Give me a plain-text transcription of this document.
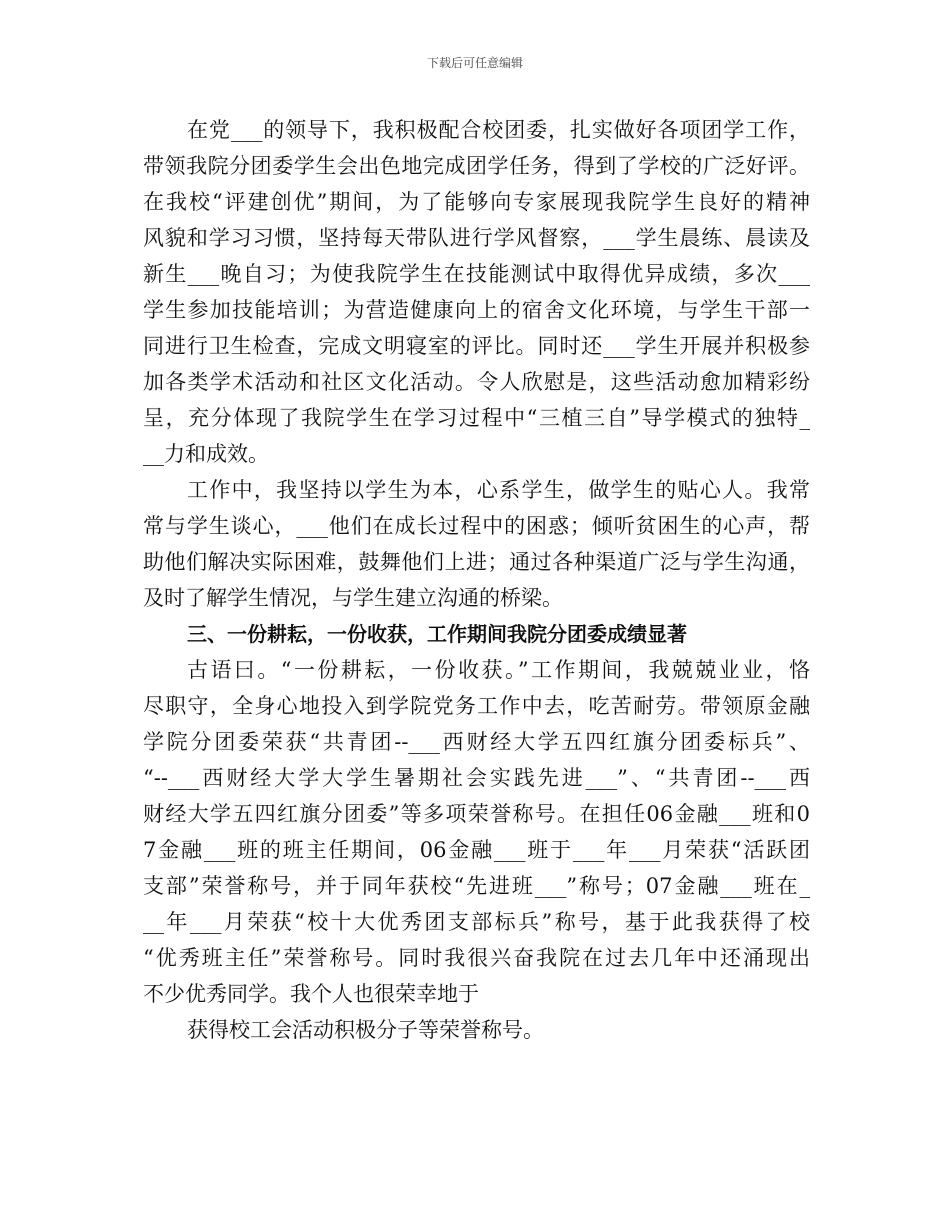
下载后可任意编辑
在党___的领导下，我积极配合校团委，扎实做好各项团学工作，
带领我院分团委学生会出色地完成团学任务，得到了学校的广泛好评。
在我校“评建创优”期间，为了能够向专家展现我院学生良好的精神
风貌和学习习惯，坚持每天带队进行学风督察，___学生晨练、晨读及
新生___晚自习；为使我院学生在技能测试中取得优异成绩，多次___
学生参加技能培训；为营造健康向上的宿舍文化环境，与学生干部一
同进行卫生检查，完成文明寝室的评比。同时还___学生开展并积极参
加各类学术活动和社区文化活动。令人欣慰是，这些活动愈加精彩纷
呈，充分体现了我院学生在学习过程中“三植三自”导学模式的独特_
__力和成效。
工作中，我坚持以学生为本，心系学生，做学生的贴心人。我常
常与学生谈心，___他们在成长过程中的困惑；倾听贫困生的心声，帮
助他们解决实际困难，鼓舞他们上进；通过各种渠道广泛与学生沟通，
及时了解学生情况，与学生建立沟通的桥梁。
三、一份耕耘，一份收获，工作期间我院分团委成绩显著
古语曰。“一份耕耘，一份收获。”工作期间，我兢兢业业，恪
尽职守，全身心地投入到学院党务工作中去，吃苦耐劳。带领原金融
学院分团委荣获“共青团--___西财经大学五四红旗分团委标兵”、
“--___西财经大学大学生暑期社会实践先进___”、“共青团--___西
财经大学五四红旗分团委”等多项荣誉称号。在担任06金融___班和0
7金融___班的班主任期间，06金融___班于___年___月荣获“活跃团
支部”荣誉称号，并于同年获校“先进班___”称号；07金融___班在_
__年___月荣获“校十大优秀团支部标兵”称号，基于此我获得了校
“优秀班主任”荣誉称号。同时我很兴奋我院在过去几年中还涌现出
不少优秀同学。我个人也很荣幸地于
获得校工会活动积极分子等荣誉称号。
